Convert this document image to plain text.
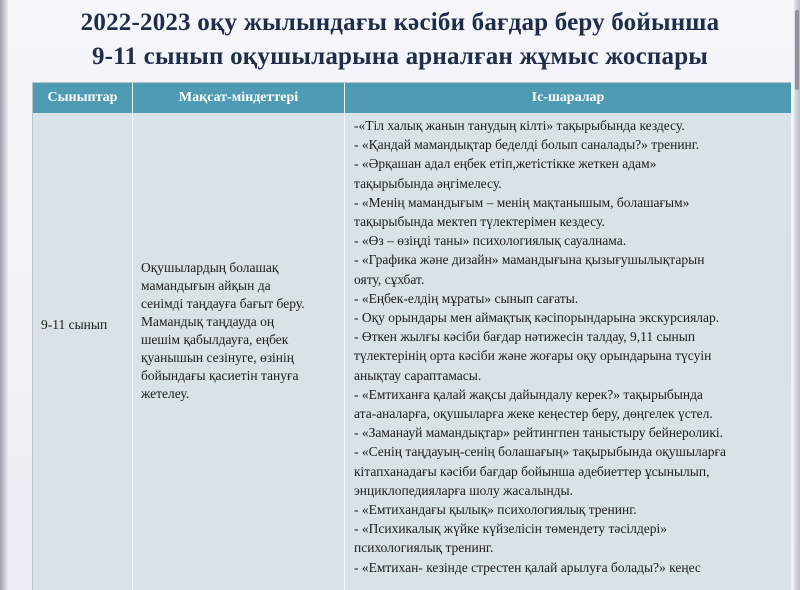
2022-2023 оқу жылындағы кәсіби бағдар беру бойынша
9-11 сынып оқушыларына арналған жұмыс жоспары
Сыныптар	Мақсат-міндеттері	Іс-шаралар
9-11 сынып
Оқушылардың болашақ
мамандығын айқын да
сенімді таңдауға бағыт беру.
Мамандық таңдауда оң
шешім қабылдауға, еңбек
қуанышын сезінуге, өзінің
бойындағы қасиетін тануға
жетелеу.
-«Тіл халық жанын танудың кілті» тақырыбында кездесу.
- «Қандай мамандықтар беделді болып саналады?» тренинг.
- «Әрқашан адал еңбек етіп,жетістікке жеткен адам»
тақырыбында әңгімелесу.
- «Менің мамандығым – менің мақтанышым, болашағым»
тақырыбында мектеп түлектерімен кездесу.
- «Өз – өзіңді таны» психологиялық сауалнама.
- «Графика және дизайн» мамандығына қызығушылықтарын
ояту, сұхбат.
- «Еңбек-елдің мұраты» сынып сағаты.
- Оқу орындары мен аймақтық кәсіпорындарына экскурсиялар.
- Өткен жылғы кәсіби бағдар нәтижесін талдау, 9,11 сынып
түлектерінің орта кәсіби және жоғары оқу орындарына түсуін
анықтау сараптамасы.
- «Емтиханға қалай жақсы дайындалу керек?» тақырыбында
ата-аналарға, оқушыларға жеке кеңестер беру, дөңгелек үстел.
- «Заманауй мамандықтар» рейтингпен таныстыру бейнероликі.
- «Сенің таңдауың-сенің болашағың» тақырыбында оқушыларға
кітапханадағы кәсіби бағдар бойынша әдебиеттер ұсынылып,
энциклопедияларға шолу жасалынды.
- «Емтихандағы қылық» психологиялық тренинг.
- «Психикалық жүйке күйзелісін төмендету тәсілдері»
психологиялық тренинг.
- «Емтихан- кезінде стрестен қалай арылуға болады?» кеңес
